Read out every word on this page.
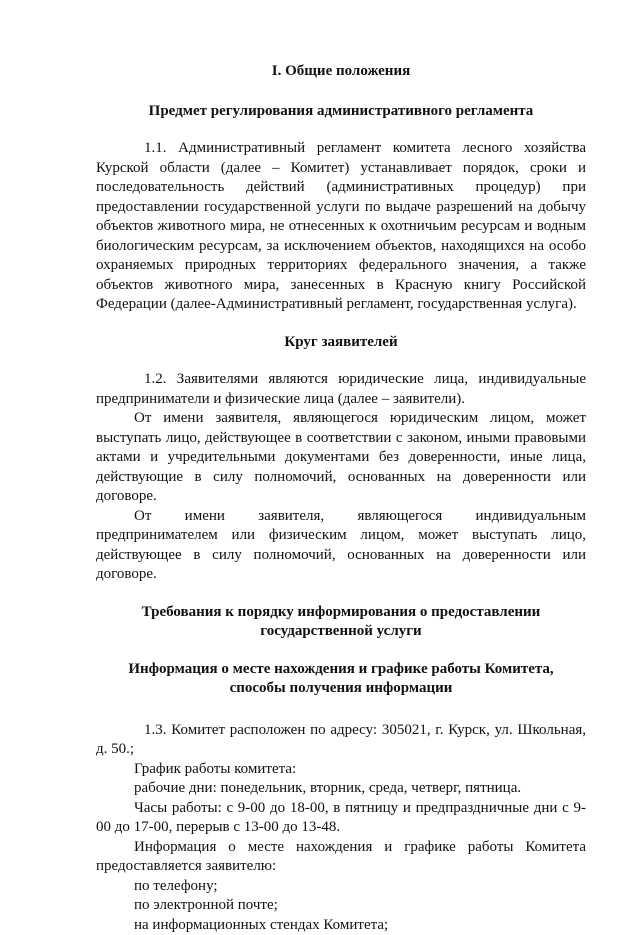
I. Общие положения
Предмет регулирования административного регламента

1.1. Административный регламент комитета лесного хозяйства Курской области (далее – Комитет) устанавливает порядок, сроки и последовательность действий (административных процедур) при предоставлении государственной услуги по выдаче разрешений на добычу объектов животного мира, не отнесенных к охотничьим ресурсам и водным биологическим ресурсам, за исключением объектов, находящихся на особо охраняемых природных территориях федерального значения, а также объектов животного мира, занесенных в Красную книгу Российской Федерации (далее-Административный регламент, государственная услуга).

Круг заявителей

1.2. Заявителями являются юридические лица, индивидуальные предприниматели и физические лица (далее – заявители).

От имени заявителя, являющегося юридическим лицом, может выступать лицо, действующее в соответствии с законом, иными правовыми актами и учредительными документами без доверенности, иные лица, действующие в силу полномочий, основанных на доверенности или договоре.

От имени заявителя, являющегося индивидуальным предпринимателем или физическим лицом, может выступать лицо, действующее в силу полномочий, основанных на доверенности или договоре.

Требования к порядку информирования о предоставлении
государственной услуги
Информация о месте нахождения и графике работы Комитета,
способы получения информации

1.3. Комитет расположен по адресу: 305021, г. Курск, ул. Школьная, д. 50.;

График работы комитета:
рабочие дни: понедельник, вторник, среда, четверг, пятница.

Часы работы: с 9-00 до 18-00, в пятницу и предпраздничные дни с 9-00 до 17-00, перерыв с 13-00 до 13-48.

Информация о месте нахождения и графике работы Комитета предоставляется заявителю:

по телефону;
по электронной почте;
на информационных стендах Комитета;
